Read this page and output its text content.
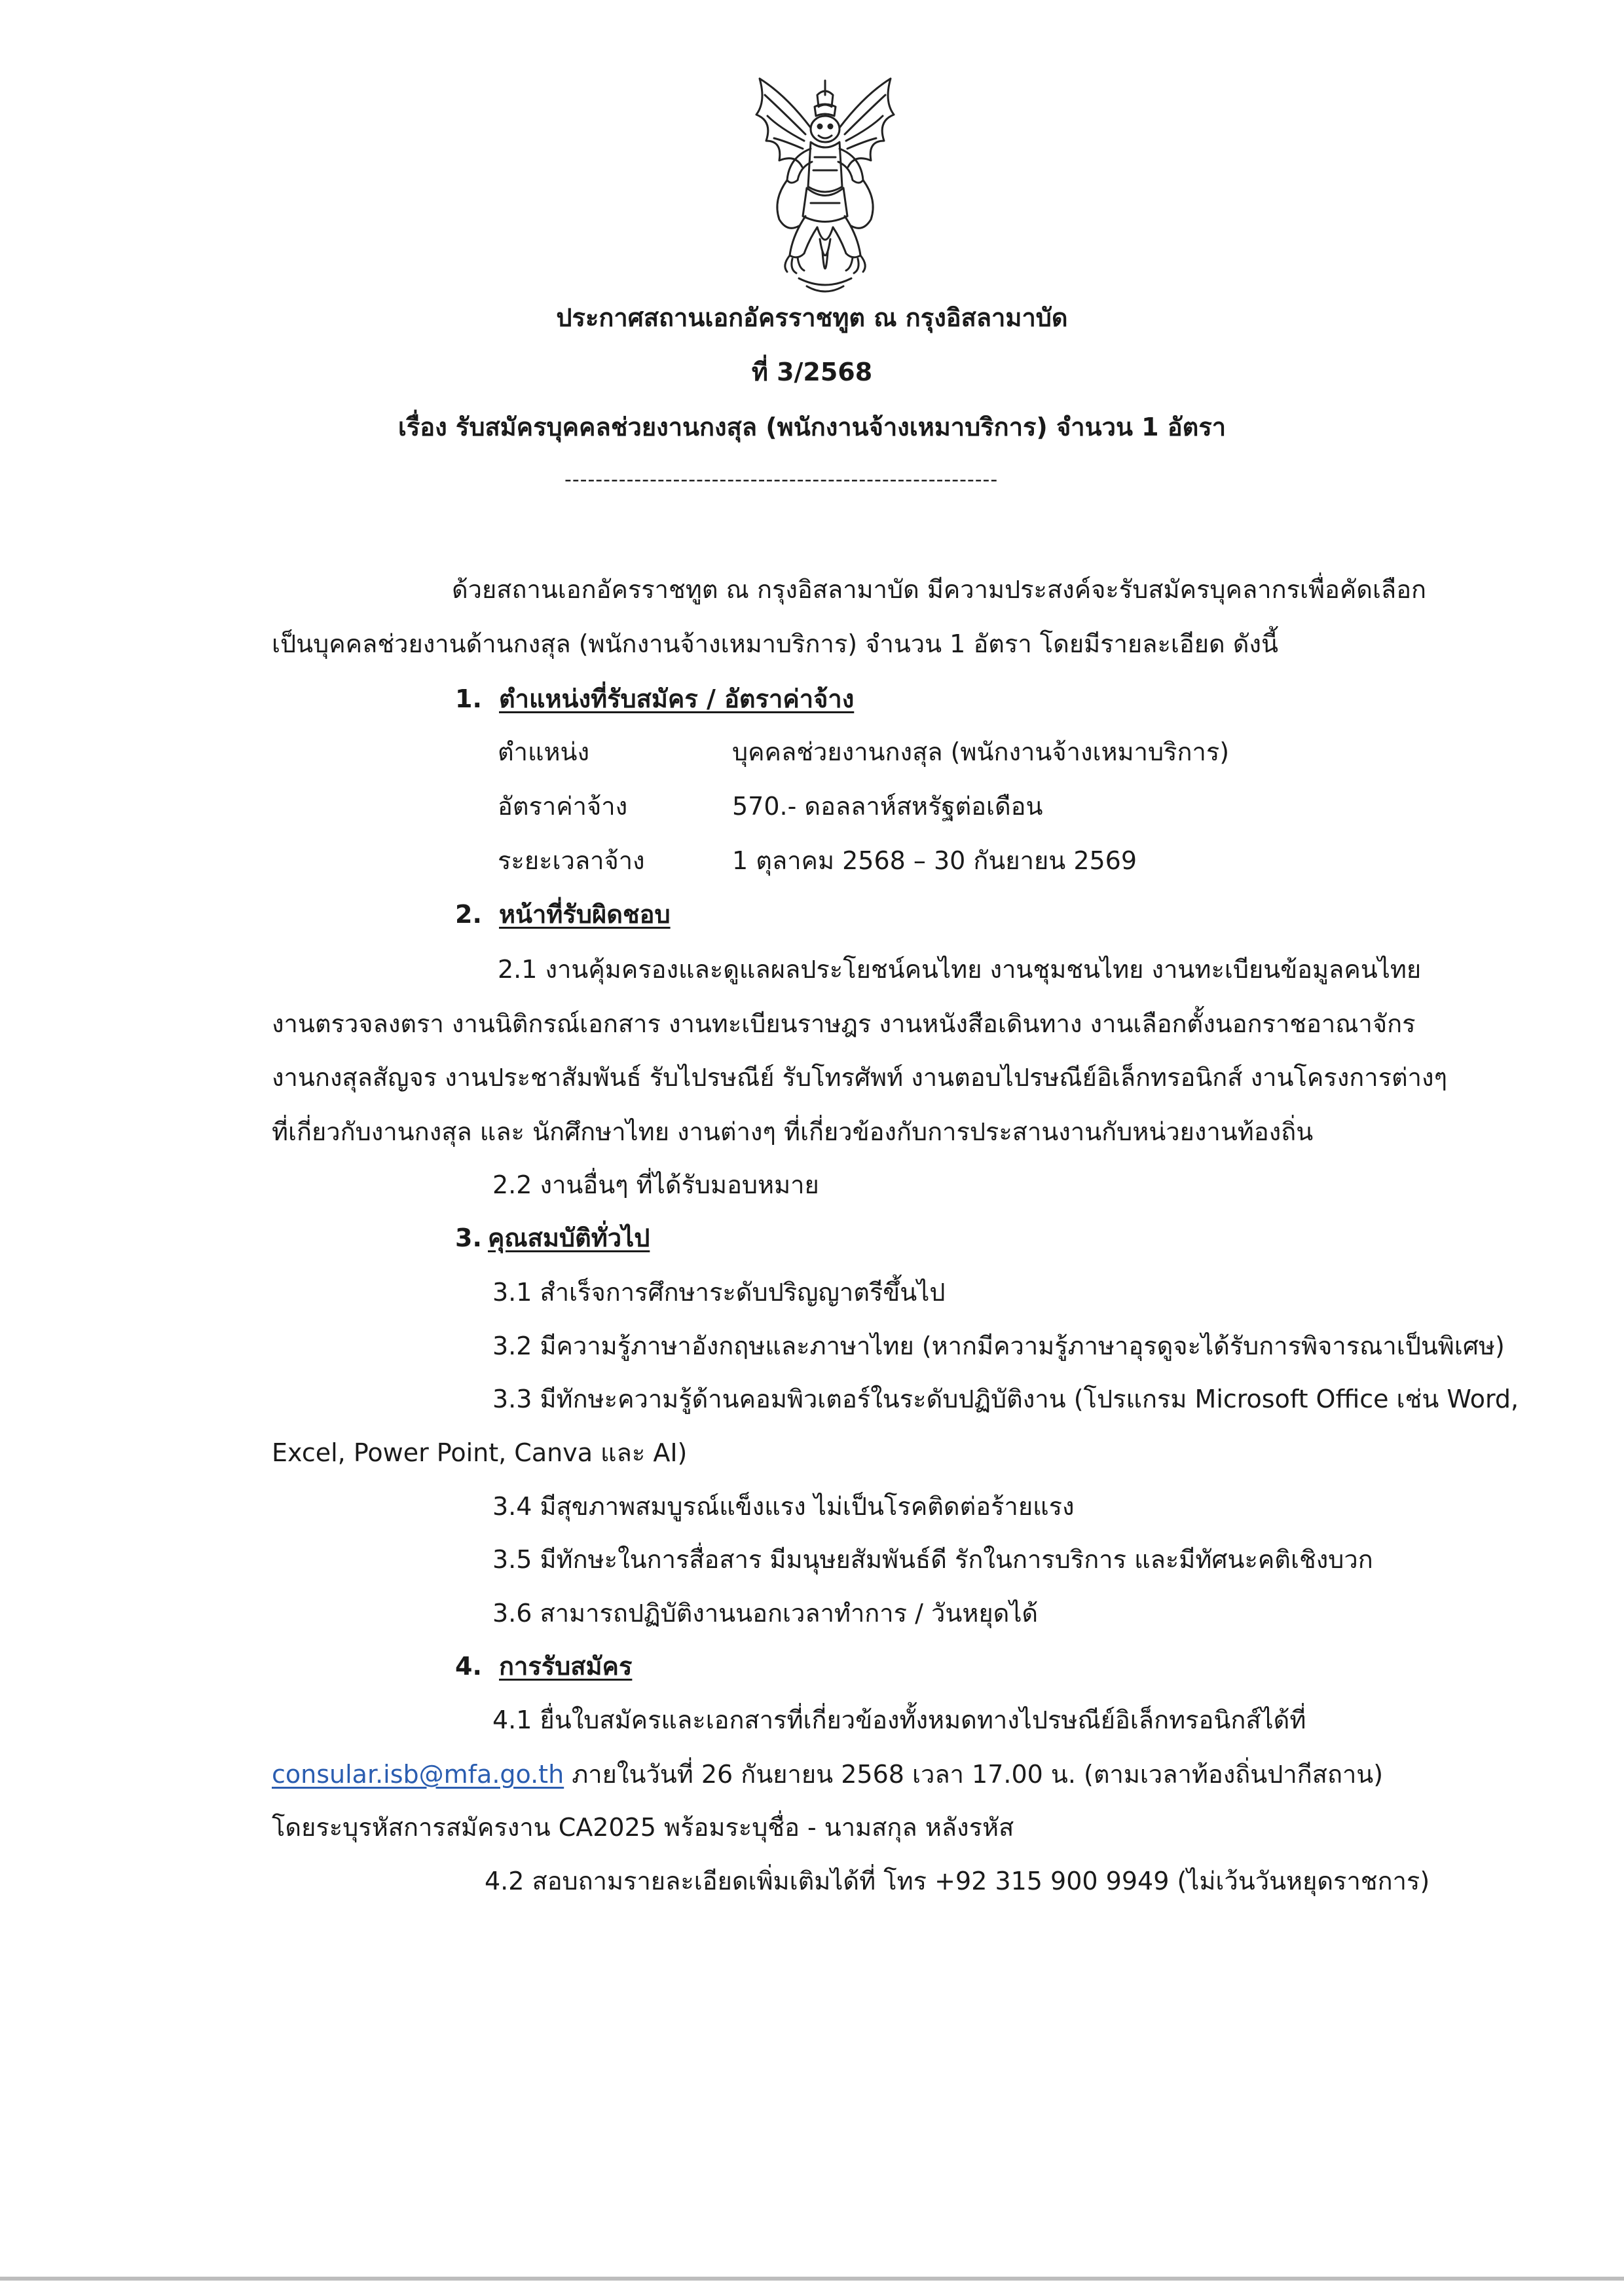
ประกาศสถานเอกอัครราชทูต ณ กรุงอิสลามาบัด
ที่ 3/2568
เรื่อง รับสมัครบุคคลช่วยงานกงสุล (พนักงานจ้างเหมาบริการ) จำนวน 1 อัตรา
--------------------------------------------------------
ด้วยสถานเอกอัครราชทูต ณ กรุงอิสลามาบัด มีความประสงค์จะรับสมัครบุคลากรเพื่อคัดเลือก
เป็นบุคคลช่วยงานด้านกงสุล (พนักงานจ้างเหมาบริการ) จำนวน 1 อัตรา โดยมีรายละเอียด ดังนี้
1. ตำแหน่งที่รับสมัคร / อัตราค่าจ้าง
ตำแหน่ง	บุคคลช่วยงานกงสุล (พนักงานจ้างเหมาบริการ)
อัตราค่าจ้าง	570.- ดอลลาห์สหรัฐต่อเดือน
ระยะเวลาจ้าง	1 ตุลาคม 2568 – 30 กันยายน 2569
2. หน้าที่รับผิดชอบ
2.1 งานคุ้มครองและดูแลผลประโยชน์คนไทย งานชุมชนไทย งานทะเบียนข้อมูลคนไทย
งานตรวจลงตรา งานนิติกรณ์เอกสาร งานทะเบียนราษฎร งานหนังสือเดินทาง งานเลือกตั้งนอกราชอาณาจักร
งานกงสุลสัญจร งานประชาสัมพันธ์ รับไปรษณีย์ รับโทรศัพท์ งานตอบไปรษณีย์อิเล็กทรอนิกส์ งานโครงการต่างๆ
ที่เกี่ยวกับงานกงสุล และ นักศึกษาไทย งานต่างๆ ที่เกี่ยวข้องกับการประสานงานกับหน่วยงานท้องถิ่น
2.2 งานอื่นๆ ที่ได้รับมอบหมาย
3. คุณสมบัติทั่วไป
3.1 สำเร็จการศึกษาระดับปริญญาตรีขึ้นไป
3.2 มีความรู้ภาษาอังกฤษและภาษาไทย (หากมีความรู้ภาษาอุรดูจะได้รับการพิจารณาเป็นพิเศษ)
3.3 มีทักษะความรู้ด้านคอมพิวเตอร์ในระดับปฏิบัติงาน (โปรแกรม Microsoft Office เช่น Word,
Excel, Power Point, Canva และ AI)
3.4 มีสุขภาพสมบูรณ์แข็งแรง ไม่เป็นโรคติดต่อร้ายแรง
3.5 มีทักษะในการสื่อสาร มีมนุษยสัมพันธ์ดี รักในการบริการ และมีทัศนะคติเชิงบวก
3.6 สามารถปฏิบัติงานนอกเวลาทำการ / วันหยุดได้
4. การรับสมัคร
4.1 ยื่นใบสมัครและเอกสารที่เกี่ยวข้องทั้งหมดทางไปรษณีย์อิเล็กทรอนิกส์ได้ที่
consular.isb@mfa.go.th ภายในวันที่ 26 กันยายน 2568 เวลา 17.00 น. (ตามเวลาท้องถิ่นปากีสถาน)
โดยระบุรหัสการสมัครงาน CA2025 พร้อมระบุชื่อ - นามสกุล หลังรหัส
4.2 สอบถามรายละเอียดเพิ่มเติมได้ที่ โทร +92 315 900 9949 (ไม่เว้นวันหยุดราชการ)
